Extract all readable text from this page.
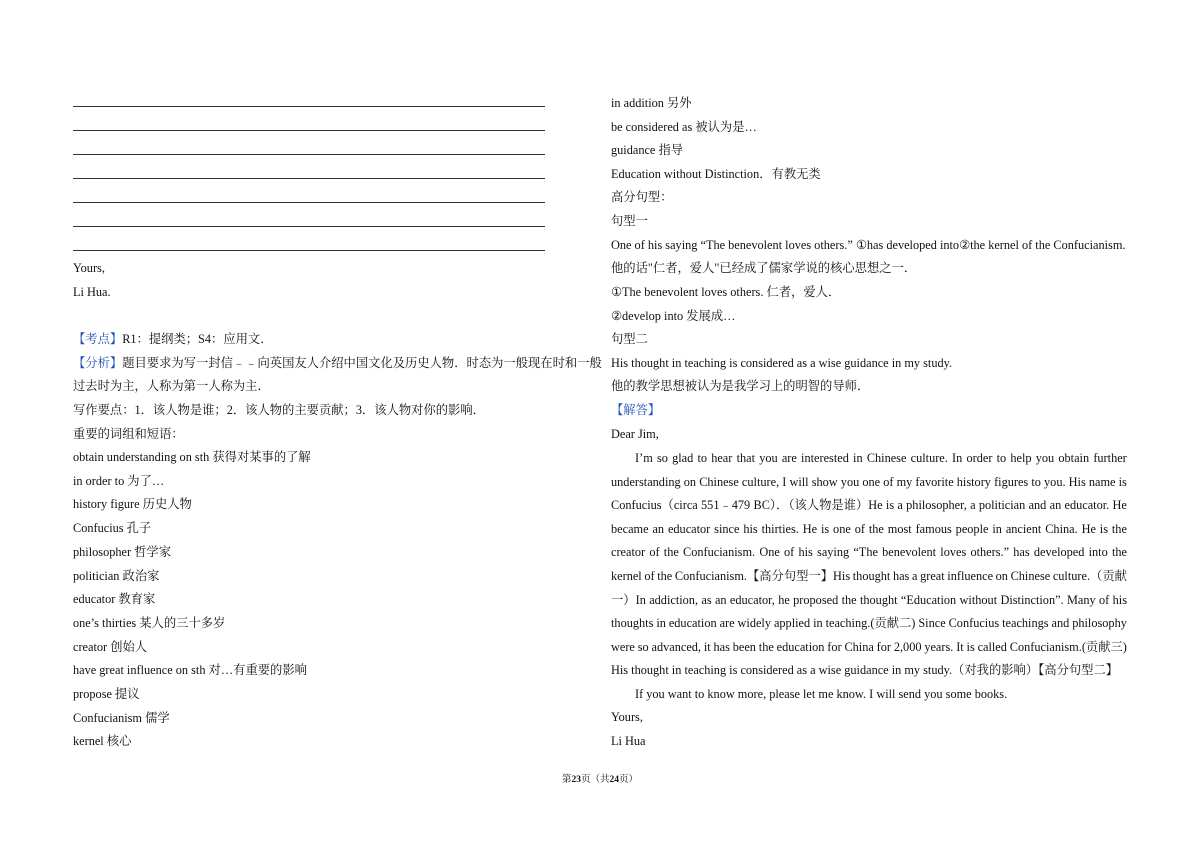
Yours,
Li Hua.
【考点】R1：提纲类；S4：应用文．
【分析】题目要求为写一封信﹣﹣向英国友人介绍中国文化及历史人物．时态为一般现在时和一般
过去时为主，人称为第一人称为主．
写作要点：1．该人物是谁；2．该人物的主要贡献；3．该人物对你的影响．
重要的词组和短语：
obtain understanding on sth 获得对某事的了解
in order to 为了…
history figure 历史人物
Confucius 孔子
philosopher 哲学家
politician 政治家
educator 教育家
one’s thirties 某人的三十多岁
creator 创始人
have great influence on sth 对…有重要的影响
propose 提议
Confucianism 儒学
kernel 核心
in addition 另外
be considered as 被认为是…
guidance 指导
Education without Distinction．有教无类
高分句型：
句型一
One of his saying “The benevolent loves others.” ①has developed into②the kernel of the Confucianism.
他的话"仁者，爱人"已经成了儒家学说的核心思想之一．
①The benevolent loves others. 仁者，爱人．
②develop into 发展成…
句型二
His thought in teaching is considered as a wise guidance in my study.
他的教学思想被认为是我学习上的明智的导师．
【解答】
Dear Jim,
I’m so glad to hear that you are interested in Chinese culture. In order to help you obtain further
understanding on Chinese culture, I will show you one of my favorite history figures to you. His name is
Confucius（circa 551﹣479 BC）．（该人物是谁）He is a philosopher, a politician and an educator. He
became an educator since his thirties. He is one of the most famous people in ancient China. He is the
creator of the Confucianism. One of his saying “The benevolent loves others.” has developed into the
kernel of the Confucianism.【高分句型一】His thought has a great influence on Chinese culture.（贡献
一）In addiction, as an educator, he proposed the thought “Education without Distinction”. Many of his
thoughts in education are widely applied in teaching.(贡献二) Since Confucius teachings and philosophy
were so advanced, it has been the education for China for 2,000 years. It is called Confucianism.(贡献三)
His thought in teaching is considered as a wise guidance in my study.（对我的影响）【高分句型二】
If you want to know more, please let me know. I will send you some books.
Yours,
Li Hua
第23页（共24页）
